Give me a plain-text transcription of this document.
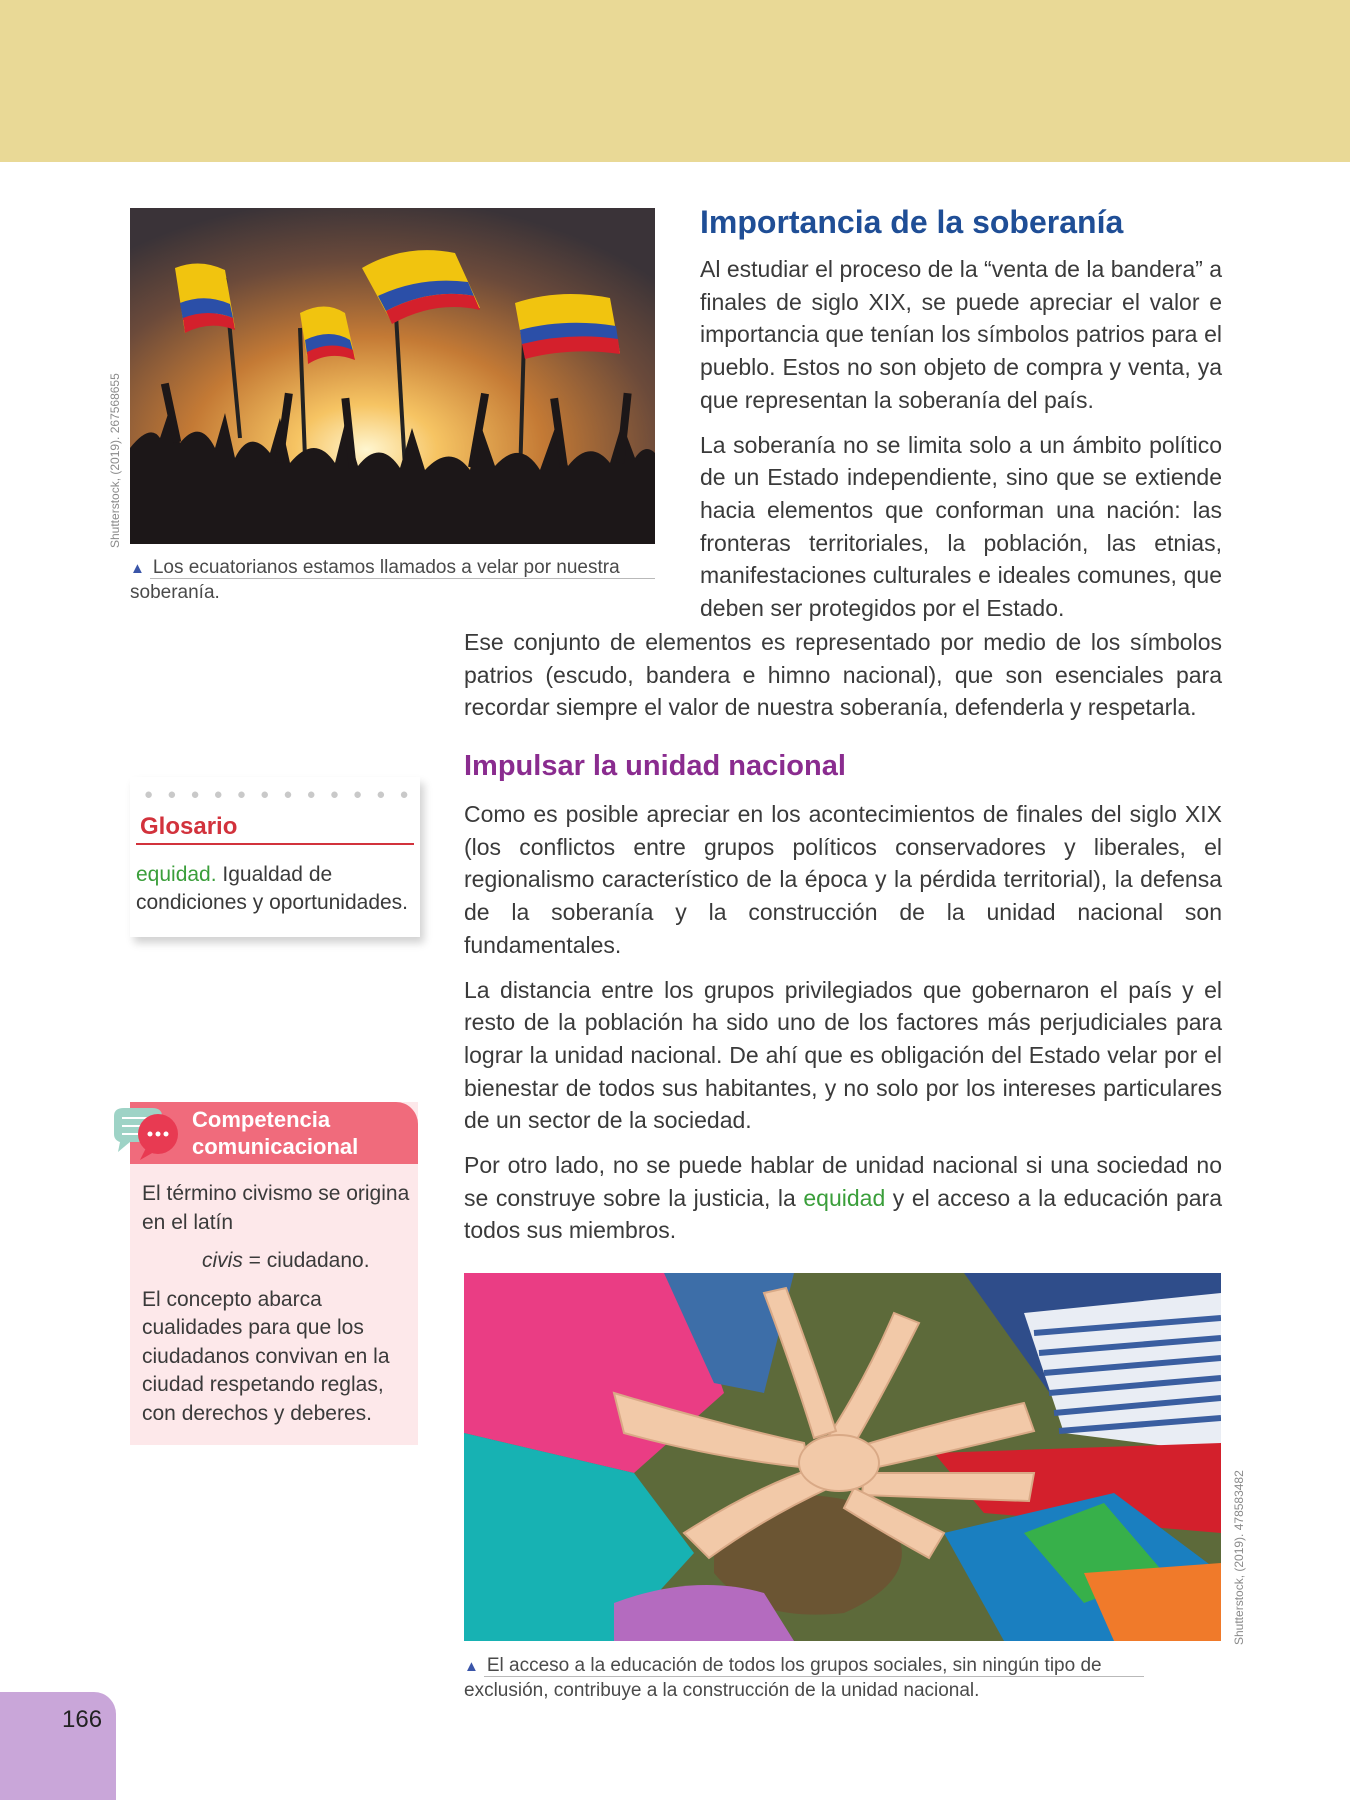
Shutterstock, (2019). 267568655
▲ Los ecuatorianos estamos llamados a velar por nuestra soberanía.
Importancia de la soberanía

Al estudiar el proceso de la “venta de la bandera” a finales de siglo XIX, se puede apreciar el valor e importancia que tenían los símbolos patrios para el pueblo. Estos no son objeto de compra y venta, ya que representan la soberanía del país.

La soberanía no se limita solo a un ámbito político de un Estado independiente, sino que se extiende hacia elementos que conforman una nación: las fronteras territoriales, la población, las etnias, manifestaciones culturales e ideales comunes, que deben ser protegidos por el Estado.

Ese conjunto de elementos es representado por medio de los símbolos patrios (escudo, bandera e himno nacional), que son esenciales para recordar siempre el valor de nuestra soberanía, defenderla y respetarla.

Impulsar la unidad nacional

Como es posible apreciar en los acontecimientos de finales del siglo XIX (los conflictos entre grupos políticos conservadores y liberales, el regionalismo característico de la época y la pérdida territorial), la defensa de la soberanía y la construcción de la unidad nacional son fundamentales.

La distancia entre los grupos privilegiados que gobernaron el país y el resto de la población ha sido uno de los factores más perjudiciales para lograr la unidad nacional. De ahí que es obligación del Estado velar por el bienestar de todos sus habitantes, y no solo por los intereses particulares de un sector de la sociedad.

Por otro lado, no se puede hablar de unidad nacional si una sociedad no se construye sobre la justicia, la equidad y el acceso a la educación para todos sus miembros.

● ● ● ● ● ● ● ● ● ● ● ●
Glosario
equidad. Igualdad de condiciones y oportunidades.
Competencia
comunicacional

El término civismo se origina en el latín

civis = ciudadano.

El concepto abarca cualidades para que los ciudadanos convivan en la ciudad respetando reglas, con derechos y deberes.

Shutterstock, (2019). 478583482
▲ El acceso a la educación de todos los grupos sociales, sin ningún tipo de exclusión, contribuye a la construcción de la unidad nacional.
166
